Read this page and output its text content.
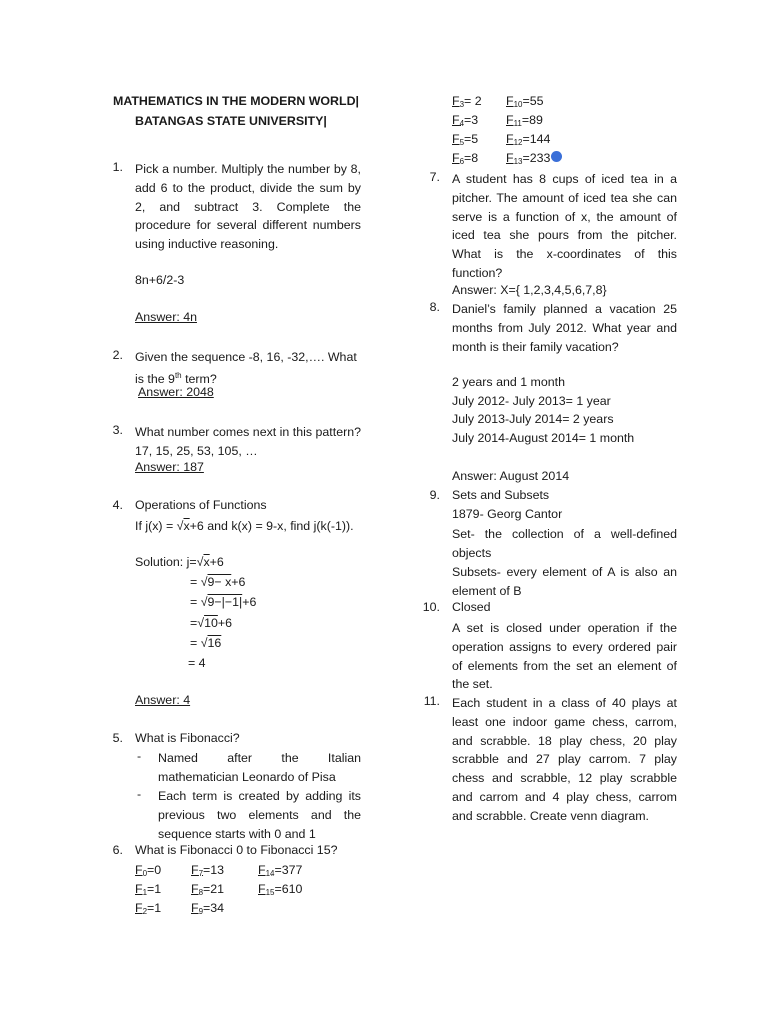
MATHEMATICS IN THE MODERN WORLD|
BATANGAS STATE UNIVERSITY|
1. Pick a number. Multiply the number by 8, add 6 to the product, divide the sum by 2, and subtract 3. Complete the procedure for several different numbers using inductive reasoning.
8n+6/2-3
Answer: 4n
2. Given the sequence -8, 16, -32,…. What is the 9th term?
Answer: 2048
3. What number comes next in this pattern? 17, 15, 25, 53, 105, …
Answer: 187
4. Operations of Functions
If j(x) = √x+6 and k(x) = 9-x, find j(k(-1)).
Solution: j=√x+6
= √9− x+6
= √9−|−1|+6
=√10+6
= √16
= 4
Answer: 4
5. What is Fibonacci?
- Named after the Italian mathematician Leonardo of Pisa
- Each term is created by adding its previous two elements and the sequence starts with 0 and 1
6. What is Fibonacci 0 to Fibonacci 15?
$F_0=0$ $F_7=13$	$F_{14}=377$
$F_1=1$ $F_8=21$	$F_{15}=610$
$F_2=1$ $F_9=34$
$F_3= 2$ $F_{10}=55$
$F_4=3$ $F_{11}=89$
$F_5=5$ $F_{12}=144$
$F_6=8$ $F_{13}=233$
7. A student has 8 cups of iced tea in a pitcher. The amount of iced tea she can serve is a function of x, the amount of iced tea she pours from the pitcher. What is the x-coordinates of this function?
Answer: X={ 1,2,3,4,5,6,7,8}
8. Daniel’s family planned a vacation 25 months from July 2012. What year and month is their family vacation?
2 years and 1 month
July 2012- July 2013= 1 year
July 2013-July 2014= 2 years
July 2014-August 2014= 1 month
Answer: August 2014
9. Sets and Subsets
1879- Georg Cantor
Set- the collection of a well-defined objects
Subsets- every element of A is also an element of B
10. Closed
A set is closed under operation if the operation assigns to every ordered pair of elements from the set an element of the set.
11. Each student in a class of 40 plays at least one indoor game chess, carrom, and scrabble. 18 play chess, 20 play scrabble and 27 play carrom. 7 play chess and scrabble, 12 play scrabble and carrom and 4 play chess, carrom and scrabble. Create venn diagram.
